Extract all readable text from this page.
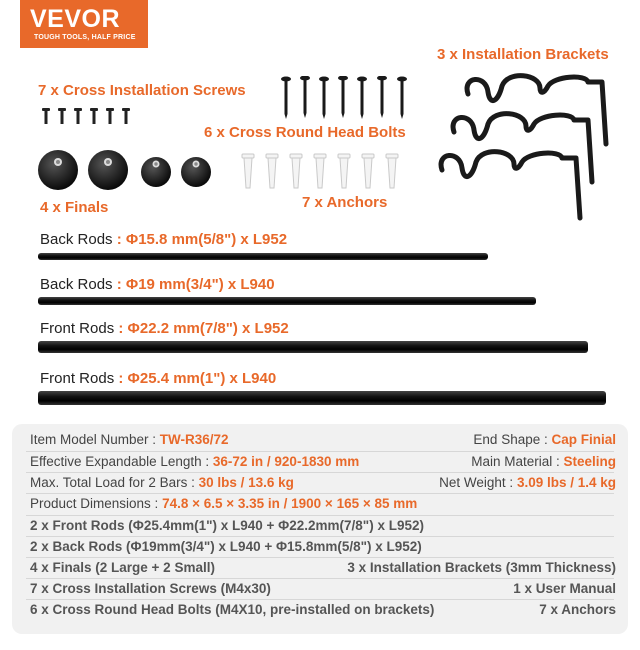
VEVOR
TOUGH TOOLS, HALF PRICE
7 x Cross Installation Screws
6 x Cross Round Head Bolts
4 x Finals	7 x Anchors
3 x Installation Brackets
Back Rods : Φ15.8 mm(5/8") x L952
Back Rods : Φ19 mm(3/4") x L940
Front Rods : Φ22.2 mm(7/8") x L952
Front Rods : Φ25.4 mm(1") x L940
Item Model Number : TW-R36/72	End Shape : Cap Finial
Effective Expandable Length : 36-72 in / 920-1830 mm	Main Material : Steeling
Max. Total Load for 2 Bars : 30 lbs / 13.6 kg	Net Weight : 3.09 lbs / 1.4 kg
Product Dimensions : 74.8 × 6.5 × 3.35 in / 1900 × 165 × 85 mm
2 x Front Rods (Φ25.4mm(1") x L940 + Φ22.2mm(7/8") x L952)
2 x Back Rods (Φ19mm(3/4") x L940 + Φ15.8mm(5/8") x L952)
4 x Finals (2 Large + 2 Small)	3 x Installation Brackets (3mm Thickness)
7 x Cross Installation Screws (M4x30)	1 x User Manual
6 x Cross Round Head Bolts (M4X10, pre-installed on brackets)	7 x Anchors
